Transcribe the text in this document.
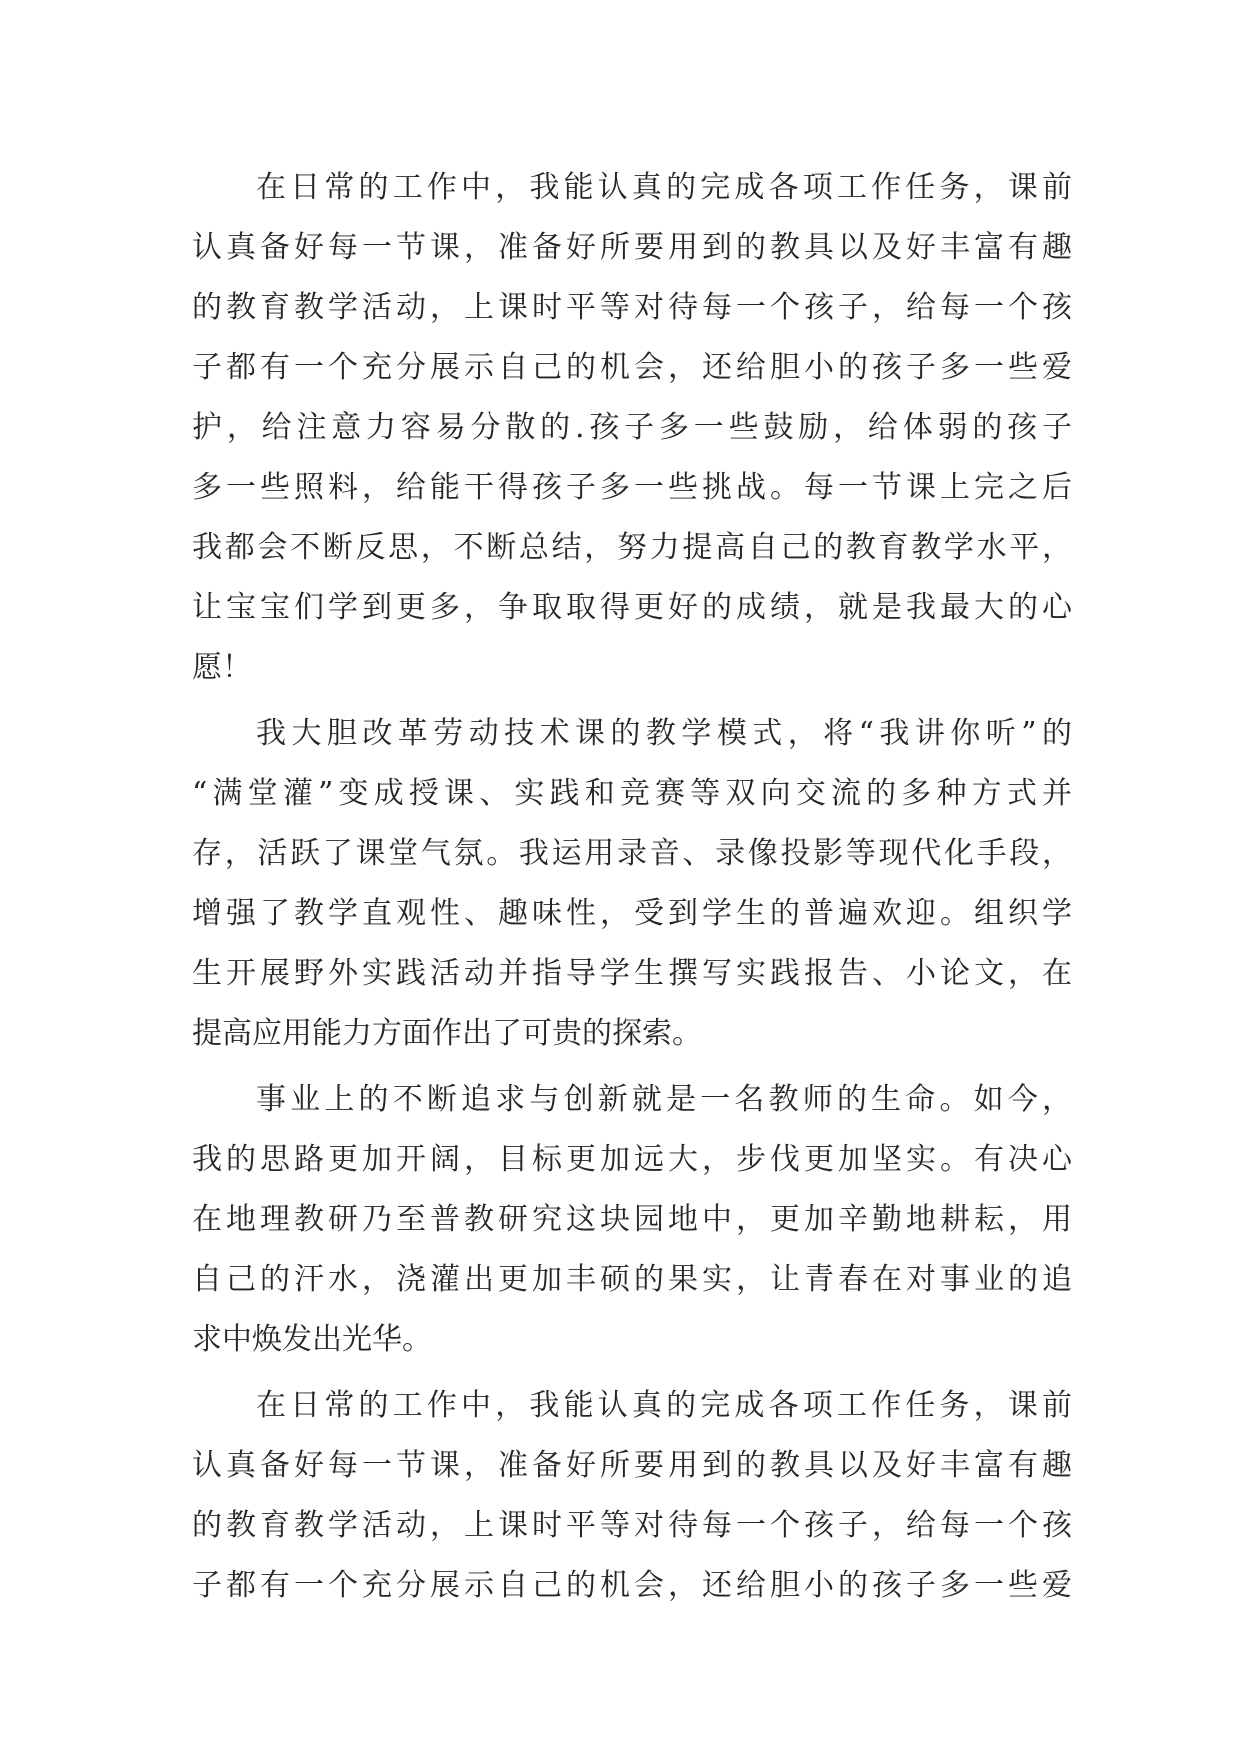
在日常的工作中，我能认真的完成各项工作任务，课前
认真备好每一节课，准备好所要用到的教具以及好丰富有趣
的教育教学活动，上课时平等对待每一个孩子，给每一个孩
子都有一个充分展示自己的机会，还给胆小的孩子多一些爱
护，给注意力容易分散的.孩子多一些鼓励，给体弱的孩子
多一些照料，给能干得孩子多一些挑战。每一节课上完之后
我都会不断反思，不断总结，努力提高自己的教育教学水平，
让宝宝们学到更多，争取取得更好的成绩，就是我最大的心
愿！
我大胆改革劳动技术课的教学模式，将“我讲你听”的
“满堂灌”变成授课、实践和竞赛等双向交流的多种方式并
存，活跃了课堂气氛。我运用录音、录像投影等现代化手段，
增强了教学直观性、趣味性，受到学生的普遍欢迎。组织学
生开展野外实践活动并指导学生撰写实践报告、小论文，在
提高应用能力方面作出了可贵的探索。
事业上的不断追求与创新就是一名教师的生命。如今，
我的思路更加开阔，目标更加远大，步伐更加坚实。有决心
在地理教研乃至普教研究这块园地中，更加辛勤地耕耘，用
自己的汗水，浇灌出更加丰硕的果实，让青春在对事业的追
求中焕发出光华。
在日常的工作中，我能认真的完成各项工作任务，课前
认真备好每一节课，准备好所要用到的教具以及好丰富有趣
的教育教学活动，上课时平等对待每一个孩子，给每一个孩
子都有一个充分展示自己的机会，还给胆小的孩子多一些爱
